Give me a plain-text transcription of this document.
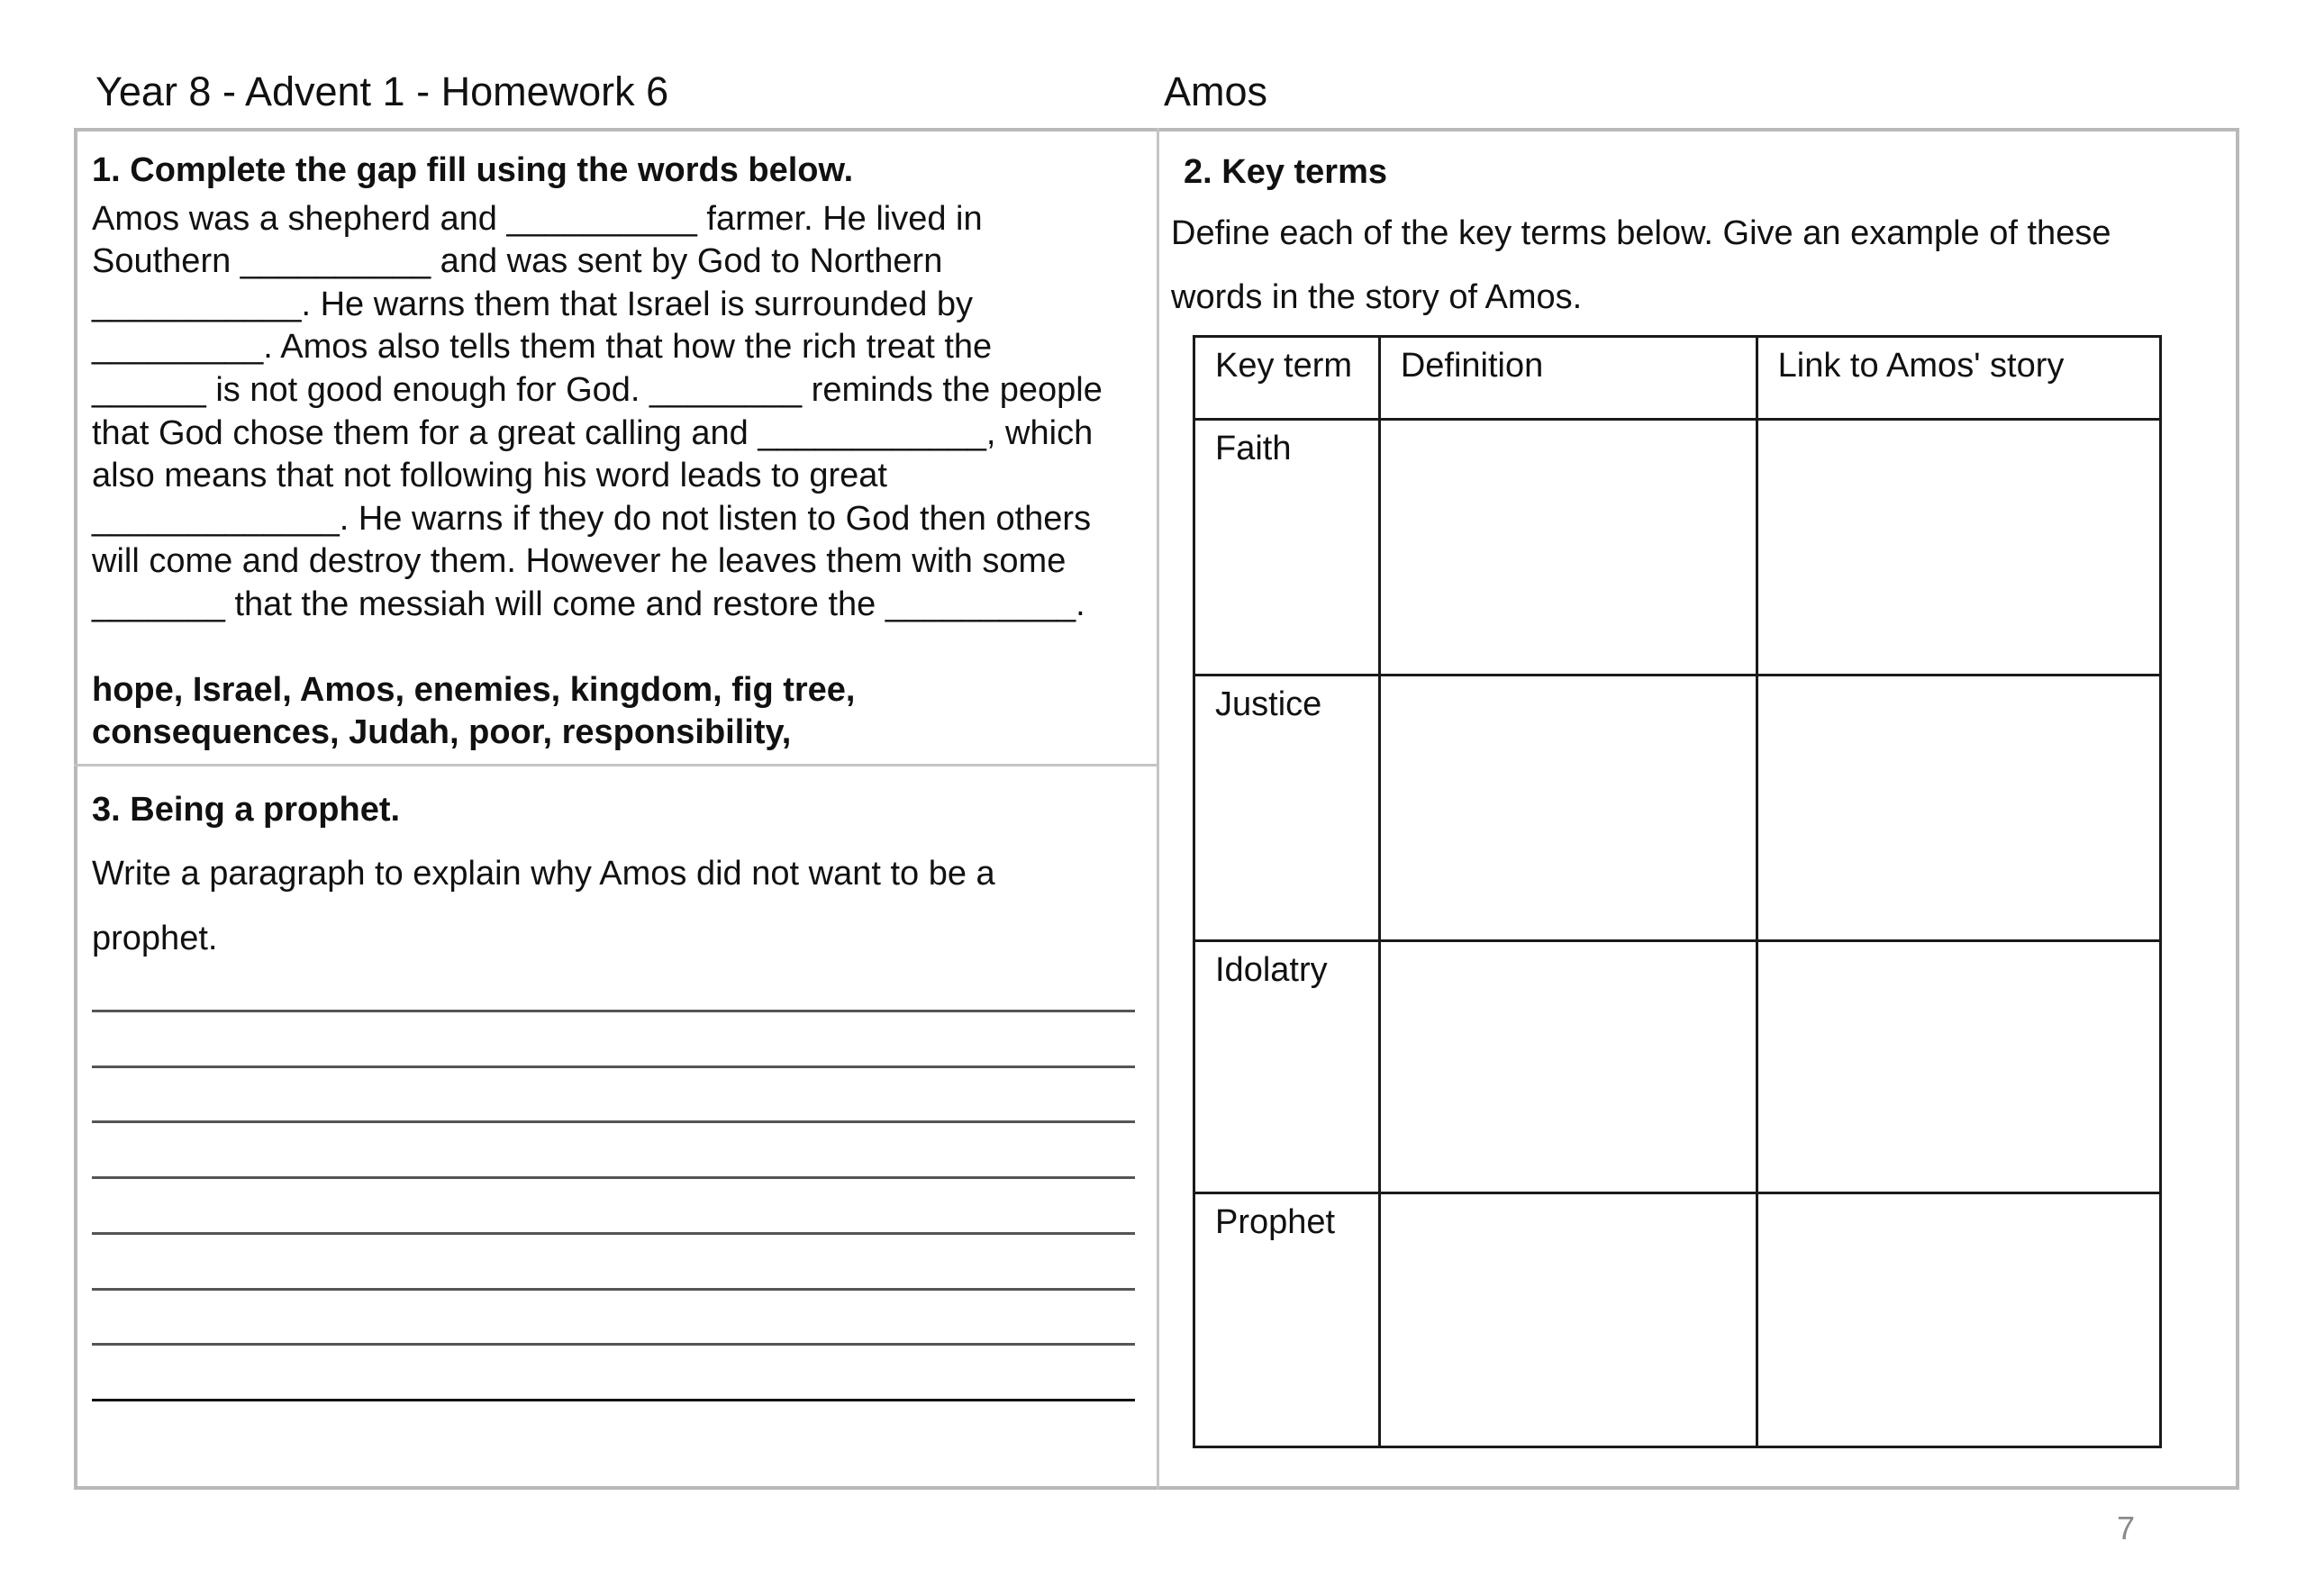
Year 8 - Advent 1 - Homework 6	Amos
1. Complete the gap fill using the words below.
Amos was a shepherd and __________ farmer. He lived in
Southern __________ and was sent by God to Northern
___________. He warns them that Israel is surrounded by
_________. Amos also tells them that how the rich treat the
______ is not good enough for God. ________ reminds the people
that God chose them for a great calling and ____________, which
also means that not following his word leads to great
_____________. He warns if they do not listen to God then others
will come and destroy them. However he leaves them with some
_______ that the messiah will come and restore the __________.
hope, Israel, Amos, enemies, kingdom, fig tree,
consequences, Judah, poor, responsibility,
3. Being a prophet.
Write a paragraph to explain why Amos did not want to be a
prophet.
2. Key terms
Define each of the key terms below. Give an example of these
words in the story of Amos.
Key term	Definition	Link to Amos' story
Faith		
Justice		
Idolatry		
Prophet		
7
